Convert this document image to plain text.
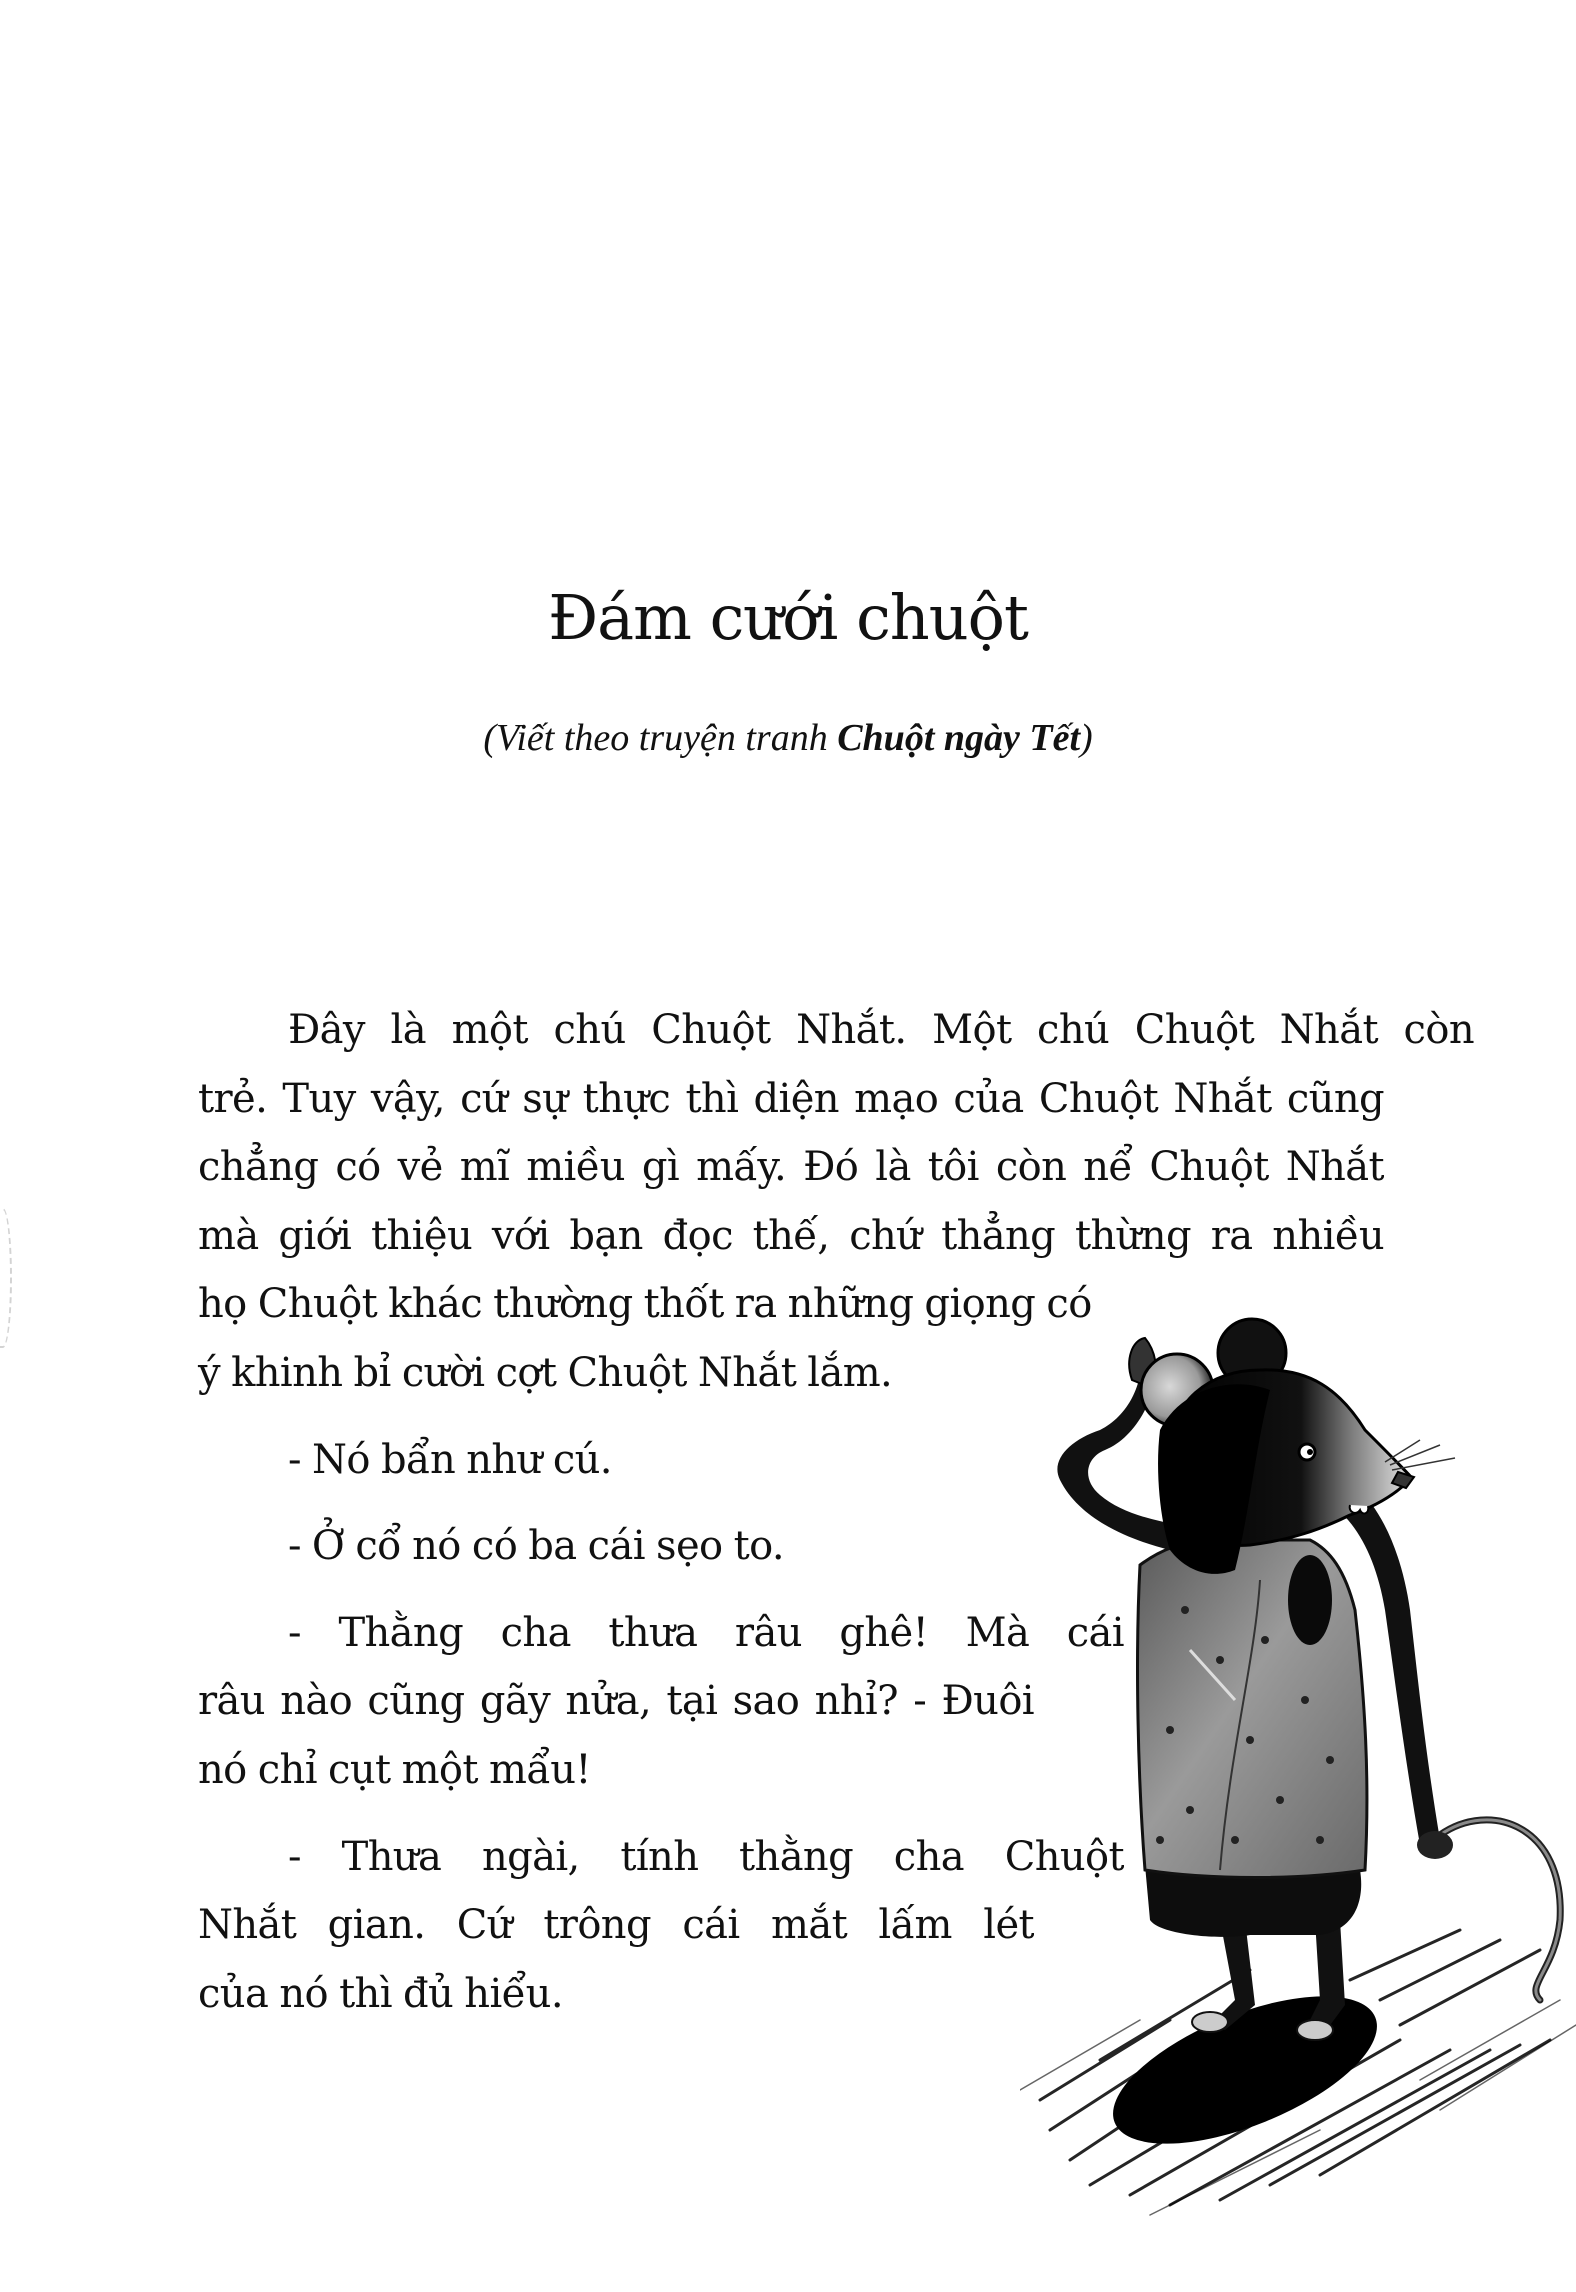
Đám cưới chuột

(Viết theo truyện tranh Chuột ngày Tết)

Đây là một chú Chuột Nhắt. Một chú Chuột Nhắt còn
trẻ. Tuy vậy, cứ sự thực thì diện mạo của Chuột Nhắt cũng
chẳng có vẻ mĩ miều gì mấy. Đó là tôi còn nể Chuột Nhắt
mà giới thiệu với bạn đọc thế, chứ thẳng thừng ra nhiều
họ Chuột khác thường thốt ra những giọng có
ý khinh bỉ cười cợt Chuột Nhắt lắm.
- Nó bẩn như cú.
- Ở cổ nó có ba cái sẹo to.
- Thằng cha thưa râu ghê! Mà cái
râu nào cũng gãy nửa, tại sao nhỉ? - Đuôi
nó chỉ cụt một mẩu!
- Thưa ngài, tính thằng cha Chuột
Nhắt gian. Cứ trông cái mắt lấm lét
của nó thì đủ hiểu.
